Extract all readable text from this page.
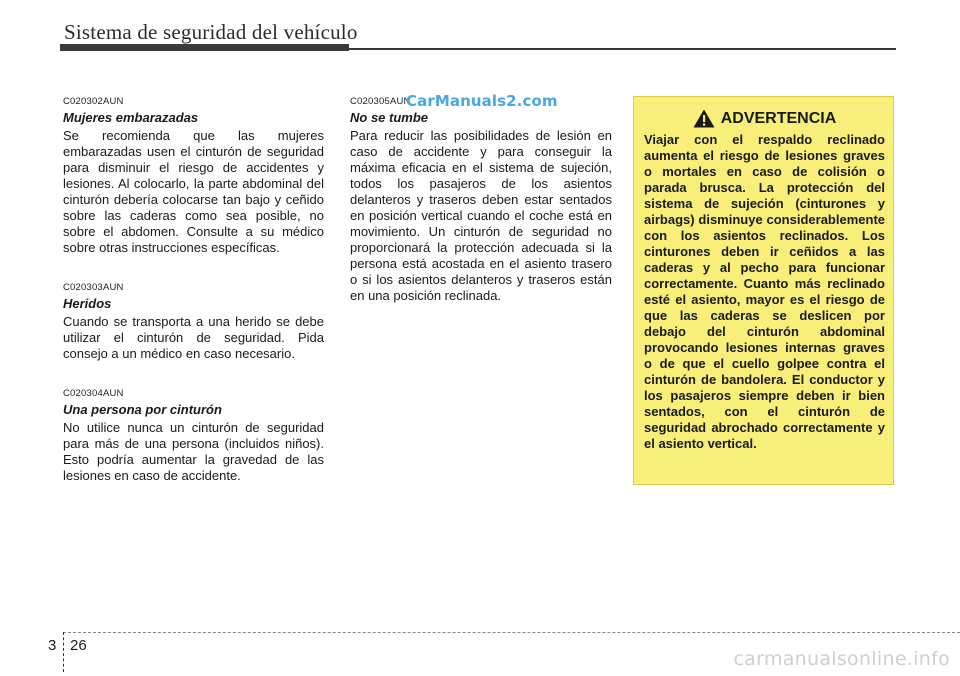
Sistema de seguridad del vehículo
C020302AUN
Mujeres embarazadas

Se recomienda que las mujeres embarazadas usen el cinturón de seguridad para disminuir el riesgo de accidentes y lesiones. Al colocarlo, la parte abdominal del cinturón debería colocarse tan bajo y ceñido sobre las caderas como sea posible, no sobre el abdomen. Consulte a su médico sobre otras instrucciones específicas.

C020303AUN
Heridos

Cuando se transporta a una herido se debe utilizar el cinturón de seguridad. Pida consejo a un médico en caso necesario.

C020304AUN
Una persona por cinturón

No utilice nunca un cinturón de seguridad para más de una persona (incluidos niños). Esto podría aumentar la gravedad de las lesiones en caso de accidente.

C020305AUN
No se tumbe

Para reducir las posibilidades de lesión en caso de accidente y para conseguir la máxima eficacia en el sistema de sujeción, todos los pasajeros de los asientos delanteros y traseros deben estar sentados en posición vertical cuando el coche está en movimiento. Un cinturón de seguridad no proporcionará la protección adecuada si la persona está acostada en el asiento trasero o si los asientos delanteros y traseros están en una posición reclinada.

CarManuals2.com
ADVERTENCIA
Viajar con el respaldo reclinado aumenta el riesgo de lesiones graves o mortales en caso de colisión o parada brusca. La protección del sistema de sujeción (cinturones y airbags) disminuye considerablemente con los asientos reclinados. Los cinturones deben ir ceñidos a las caderas y al pecho para funcionar correctamente. Cuanto más reclinado esté el asiento, mayor es el riesgo de que las caderas se deslicen por debajo del cinturón abdominal provocando lesiones internas graves o de que el cuello golpee contra el cinturón de bandolera. El conductor y los pasajeros siempre deben ir bien sentados, con el cinturón de seguridad abrochado correctamente y el asiento vertical.
3 26
carmanualsonline.info
